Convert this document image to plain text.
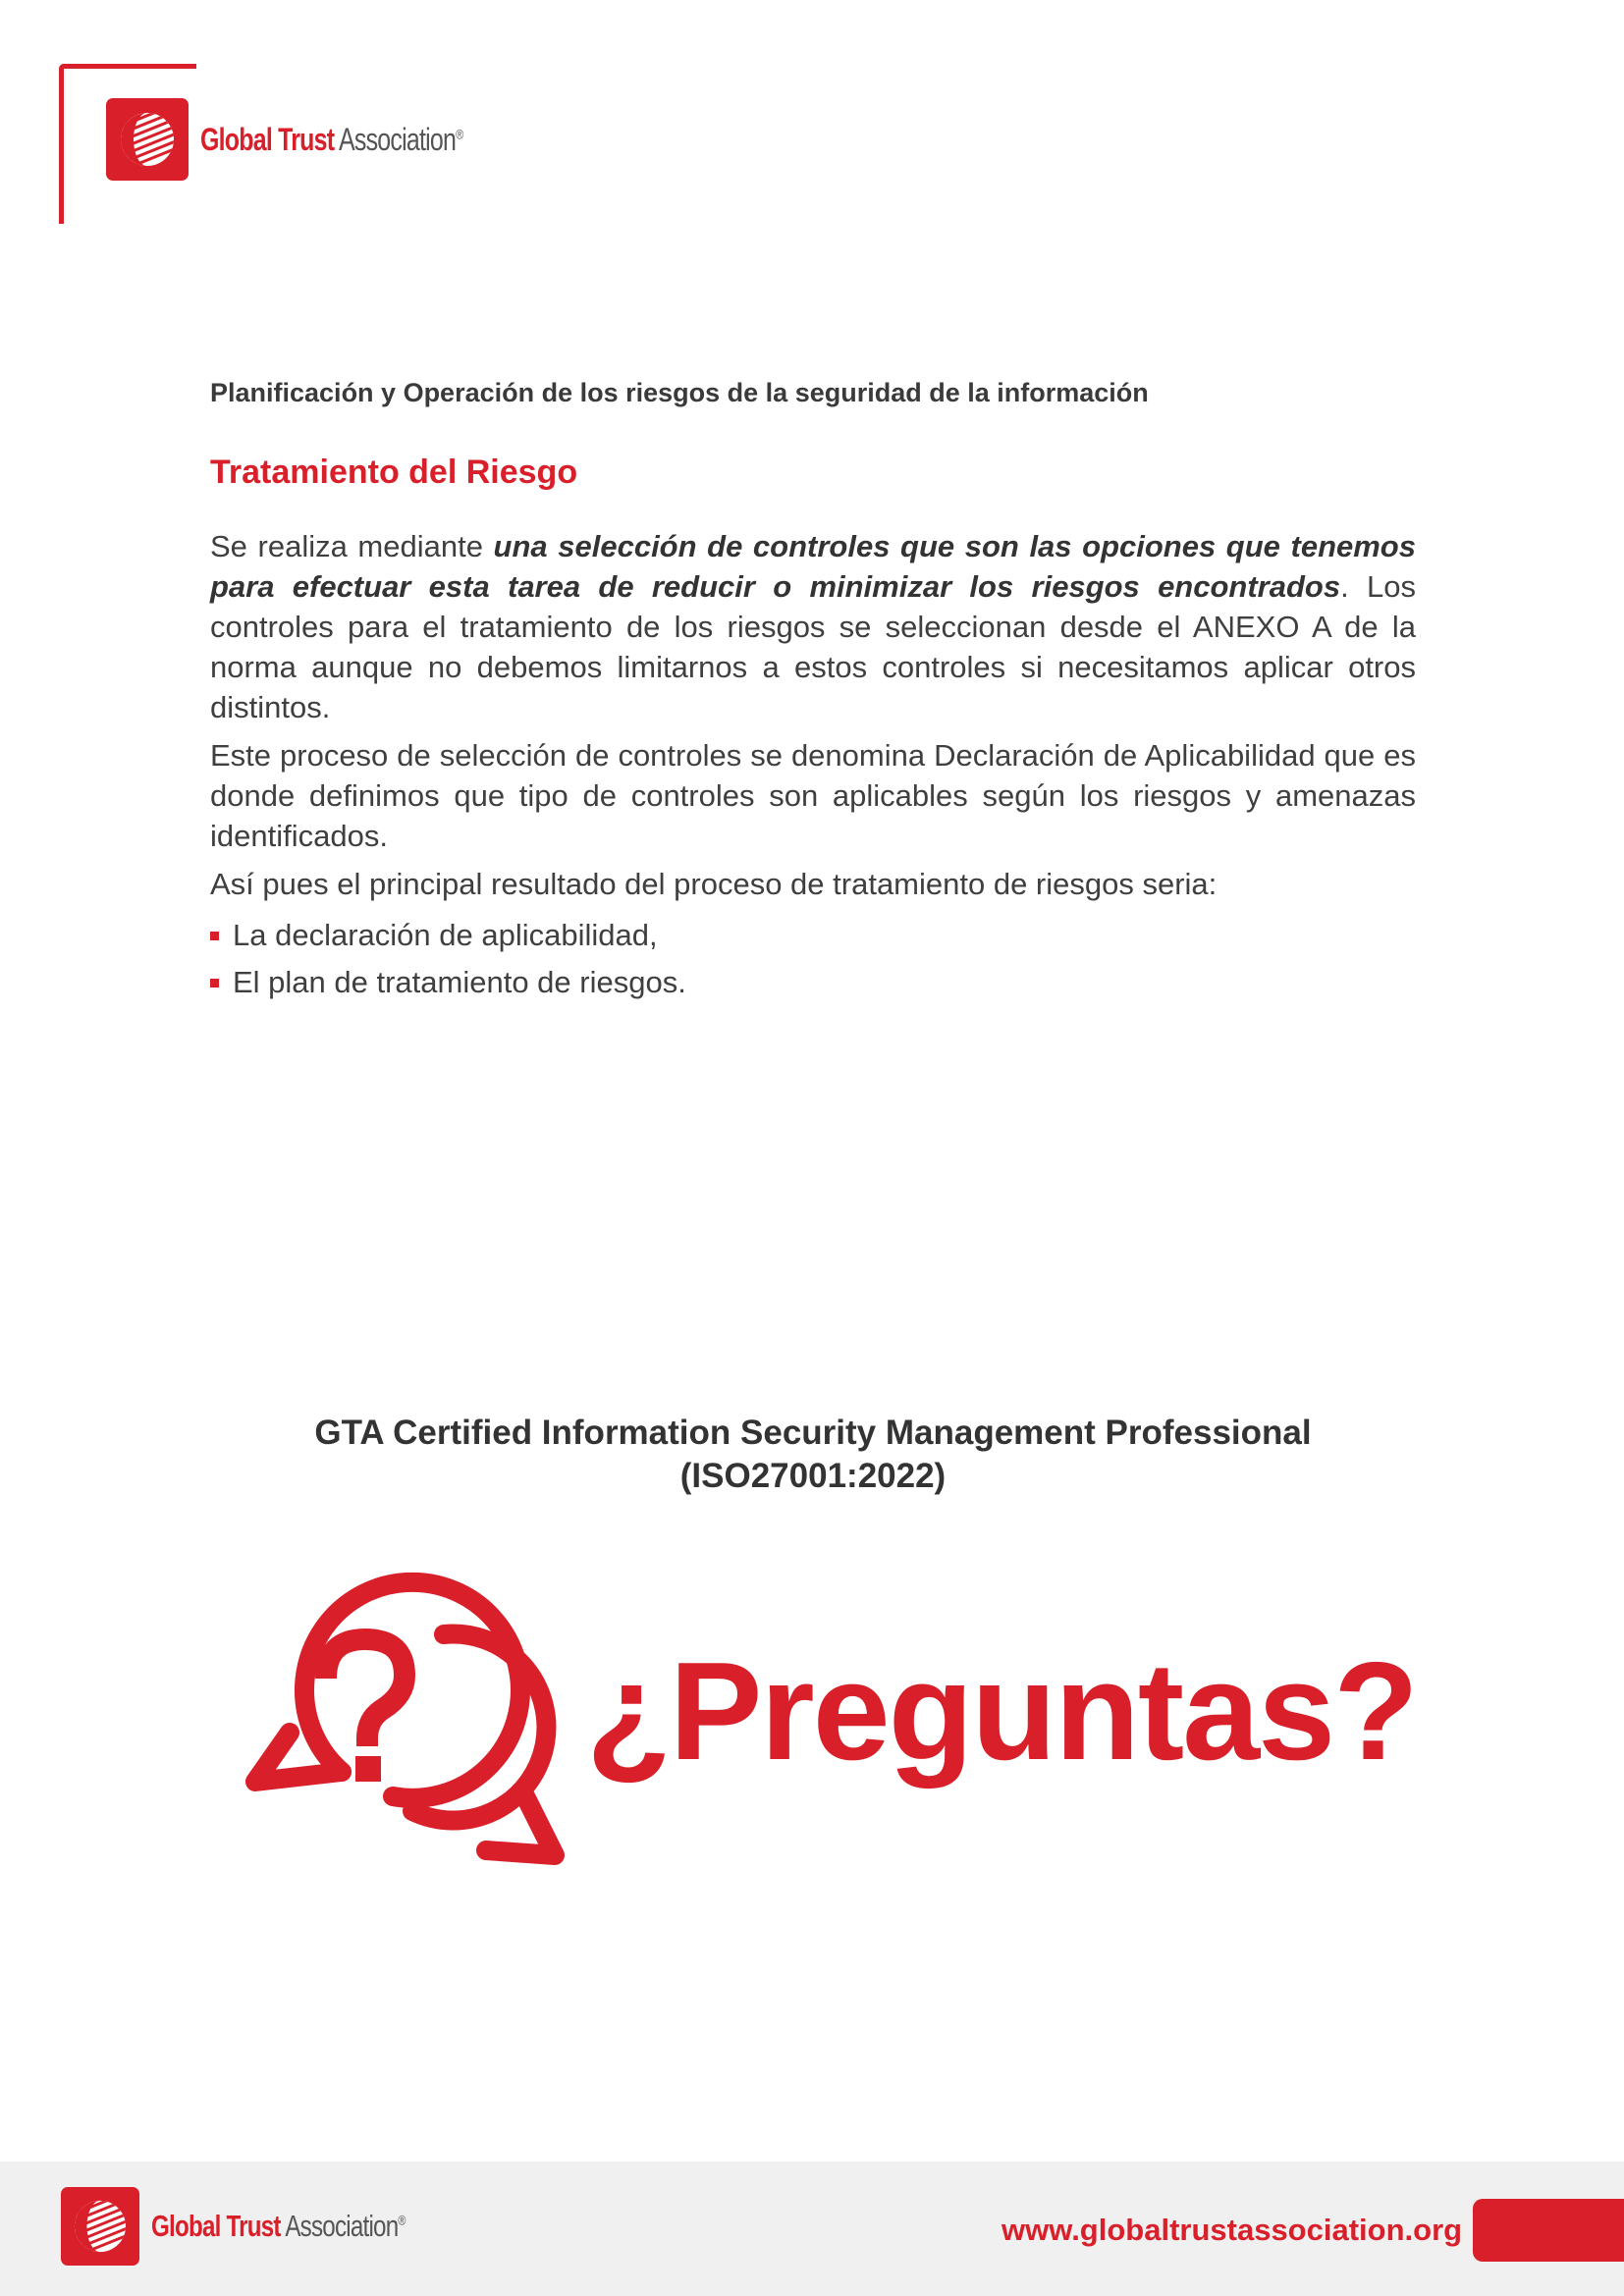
Global Trust Association®
Planificación y Operación de los riesgos de la seguridad de la información
Tratamiento del Riesgo

Se realiza mediante una selección de controles que son las opciones que tenemos para efectuar esta tarea de reducir o minimizar los riesgos encontrados. Los controles para el tratamiento de los riesgos se seleccionan desde el ANEXO A de la norma aunque no debemos limitarnos a estos controles si necesitamos aplicar otros distintos.

Este proceso de selección de controles se denomina Declaración de Aplicabilidad que es donde definimos que tipo de controles son aplicables según los riesgos y amenazas identificados.

Así pues el principal resultado del proceso de tratamiento de riesgos seria:

La declaración de aplicabilidad,
El plan de tratamiento de riesgos.
GTA Certified Information Security Management Professional
(ISO27001:2022)
¿Preguntas?
Global Trust Association®	www.globaltrustassociation.org
